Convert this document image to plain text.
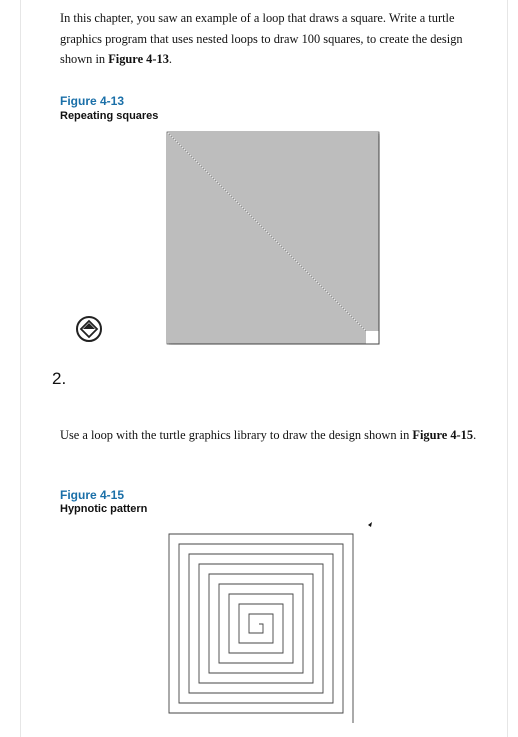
In this chapter, you saw an example of a loop that draws a square. Write a turtle graphics program that uses nested loops to draw 100 squares, to create the design shown in Figure 4-13.
Figure 4-13
Repeating squares
2.
Use a loop with the turtle graphics library to draw the design shown in Figure 4-15.
Figure 4-15
Hypnotic pattern
